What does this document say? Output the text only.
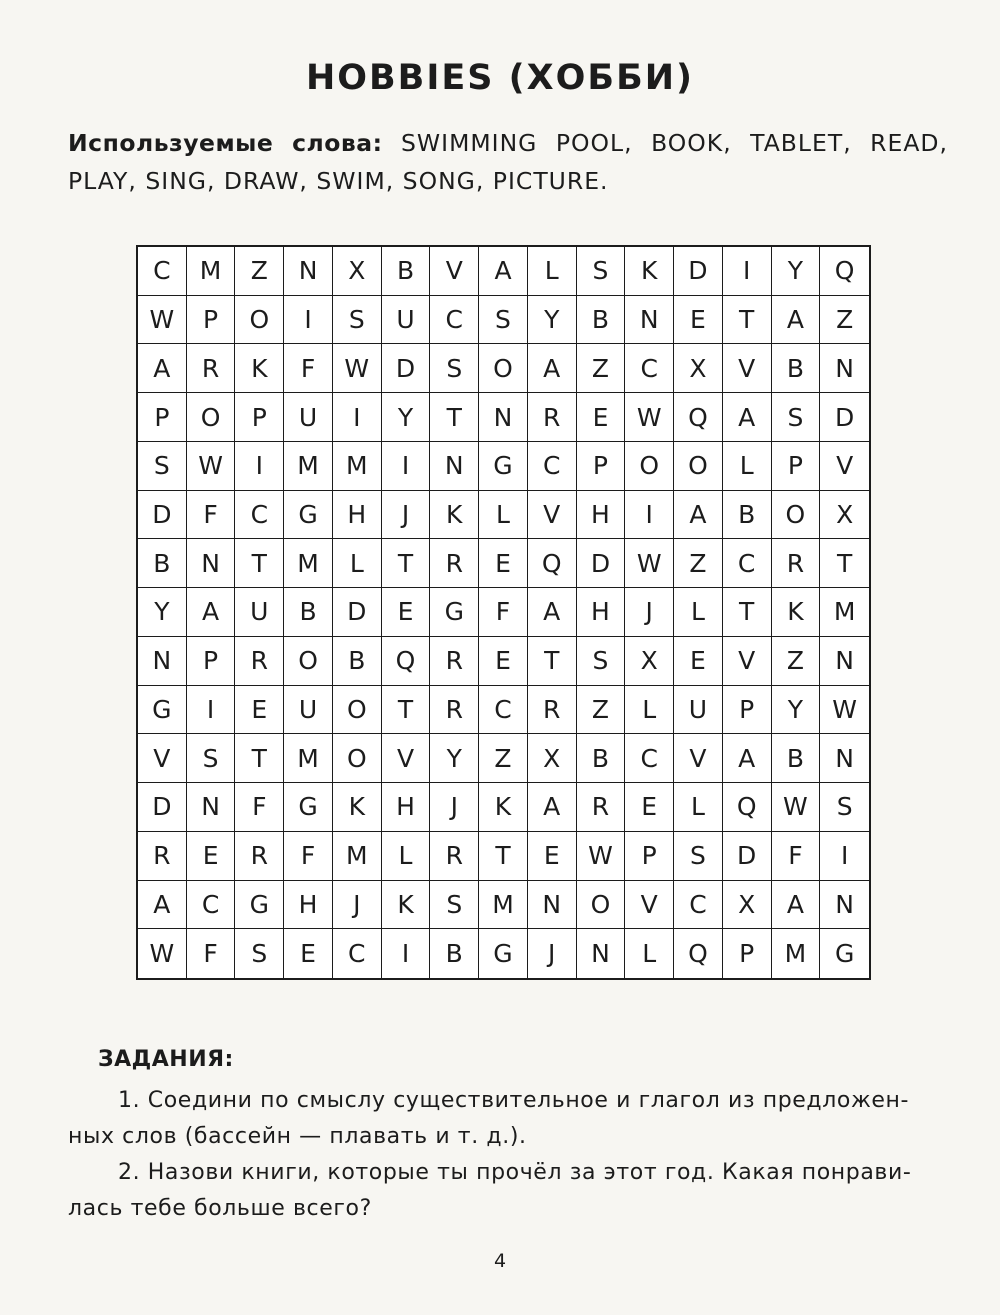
HOBBIES (ХОББИ)

Используемые слова: SWIMMING POOL, BOOK, TABLET, READ, PLAY, SING, DRAW, SWIM, SONG, PICTURE.

C	M	Z	N	X	B	V	A	L	S	K	D	I	Y	Q
W	P	O	I	S	U	C	S	Y	B	N	E	T	A	Z
A	R	K	F	W	D	S	O	A	Z	C	X	V	B	N
P	O	P	U	I	Y	T	N	R	E	W	Q	A	S	D
S	W	I	M	M	I	N	G	C	P	O	O	L	P	V
D	F	C	G	H	J	K	L	V	H	I	A	B	O	X
B	N	T	M	L	T	R	E	Q	D	W	Z	C	R	T
Y	A	U	B	D	E	G	F	A	H	J	L	T	K	M
N	P	R	O	B	Q	R	E	T	S	X	E	V	Z	N
G	I	E	U	O	T	R	C	R	Z	L	U	P	Y	W
V	S	T	M	O	V	Y	Z	X	B	C	V	A	B	N
D	N	F	G	K	H	J	K	A	R	E	L	Q	W	S
R	E	R	F	M	L	R	T	E	W	P	S	D	F	I
A	C	G	H	J	K	S	M	N	O	V	C	X	A	N
W	F	S	E	C	I	B	G	J	N	L	Q	P	M	G
ЗАДАНИЯ:

1. Соедини по смыслу существительное и глагол из предложен-
ных слов (бассейн — плавать и т. д.).

2. Назови книги, которые ты прочёл за этот год. Какая понрави-
лась тебе больше всего?

4
